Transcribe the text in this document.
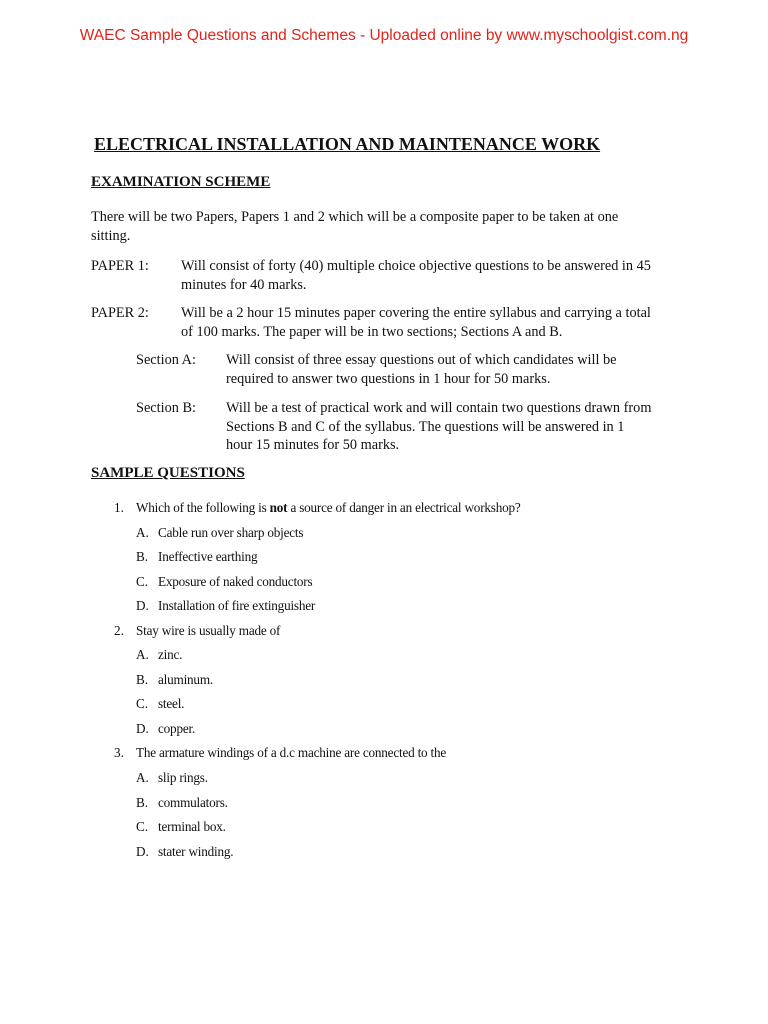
WAEC Sample Questions and Schemes - Uploaded online by www.myschoolgist.com.ng
ELECTRICAL INSTALLATION AND MAINTENANCE WORK
EXAMINATION SCHEME
There will be two Papers, Papers 1 and 2 which will be a composite paper to be taken at one
sitting.
PAPER 1: Will consist of forty (40) multiple choice objective questions to be answered in 45
minutes for 40 marks.
PAPER 2: Will be a 2 hour 15 minutes paper covering the entire syllabus and carrying a total
of 100 marks. The paper will be in two sections; Sections A and B.
Section A: Will consist of three essay questions out of which candidates will be
required to answer two questions in 1 hour for 50 marks.
Section B: Will be a test of practical work and will contain two questions drawn from
Sections B and C of the syllabus. The questions will be answered in 1
hour 15 minutes for 50 marks.
SAMPLE QUESTIONS
1. Which of the following is not a source of danger in an electrical workshop?
A. Cable run over sharp objects
B. Ineffective earthing
C. Exposure of naked conductors
D. Installation of fire extinguisher
2. Stay wire is usually made of
A. zinc.
B. aluminum.
C. steel.
D. copper.
3. The armature windings of a d.c machine are connected to the
A. slip rings.
B. commulators.
C. terminal box.
D. stater winding.
